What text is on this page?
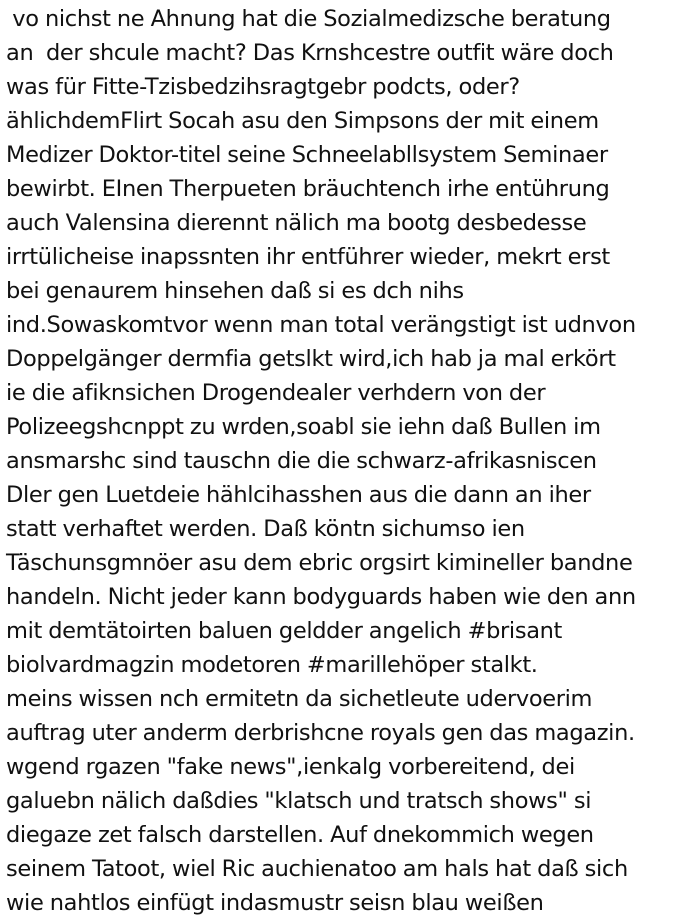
vo nichst ne Ahnung hat die Sozialmedizsche beratung
an  der shcule macht? Das Krnshcestre outfit wäre doch
was für Fitte-Tzisbedzihsragtgebr podcts, oder?
ählichdemFlirt Socah asu den Simpsons der mit einem
Medizer Doktor-titel seine Schneelabllsystem Seminaer
bewirbt. EInen Therpueten bräuchtench irhe entührung
auch Valensina dierennt nälich ma bootg desbedesse
irrtülicheise inapssnten ihr entführer wieder, mekrt erst
bei genaurem hinsehen daß si es dch nihs
ind.Sowaskomtvor wenn man total verängstigt ist udnvon
Doppelgänger dermfia getslkt wird,ich hab ja mal erkört
ie die afiknsichen Drogendealer verhdern von der
Polizeegshcnppt zu wrden,soabl sie iehn daß Bullen im
ansmarshc sind tauschn die die schwarz-afrikasniscen
Dler gen Luetdeie hählcihasshen aus die dann an iher
statt verhaftet werden. Daß köntn sichumso ien
Täschunsgmnöer asu dem ebric orgsirt kimineller bandne
handeln. Nicht jeder kann bodyguards haben wie den ann
mit demtätoirten baluen geldder angelich #brisant
biolvardmagzin modetoren #marillehöper stalkt.
meins wissen nch ermitetn da sichetleute udervoerim
auftrag uter anderm derbrishcne royals gen das magazin.
wgend rgazen "fake news",ienkalg vorbereitend, dei
galuebn nälich daßdies "klatsch und tratsch shows" si
diegaze zet falsch darstellen. Auf dnekommich wegen
seinem Tatoot, wiel Ric auchienatoo am hals hat daß sich
wie nahtlos einfügt indasmustr seisn blau weißen
